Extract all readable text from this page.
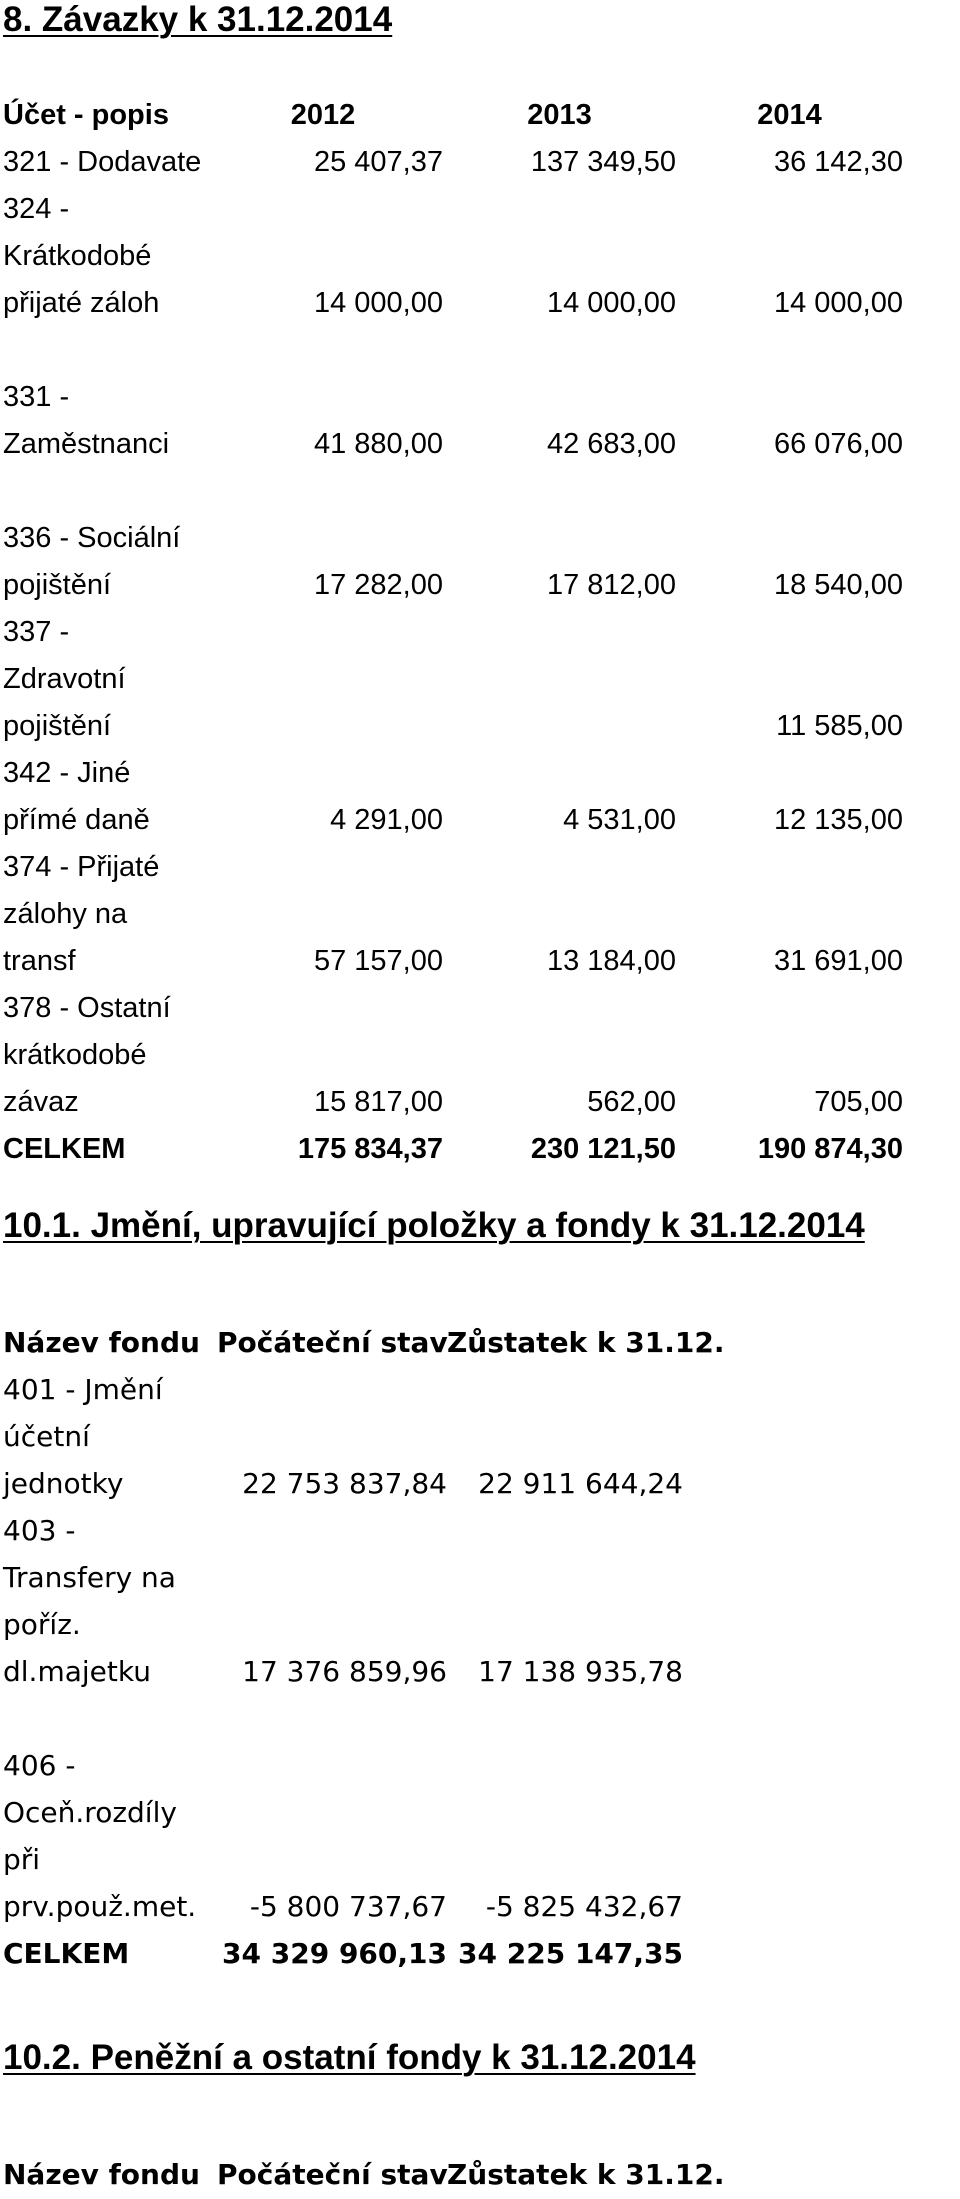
8. Závazky k 31.12.2014
Účet - popis	2012	2013	2014
321 - Dodavate	25 407,37	137 349,50	36 142,30
324 -			
Krátkodobé			
přijaté záloh	14 000,00	14 000,00	14 000,00

331 -			
Zaměstnanci	41 880,00	42 683,00	66 076,00

336 - Sociální			
pojištění	17 282,00	17 812,00	18 540,00
337 -			
Zdravotní			
pojištění			11 585,00
342 - Jiné			
přímé daně	4 291,00	4 531,00	12 135,00
374 - Přijaté			
zálohy na			
transf	57 157,00	13 184,00	31 691,00
378 - Ostatní			
krátkodobé			
závaz	15 817,00	562,00	705,00
CELKEM	175 834,37	230 121,50	190 874,30
10.1. Jmění, upravující položky a fondy k 31.12.2014
Název fondu	Počáteční stav	Zůstatek k 31.12.
401 - Jmění		
účetní		
jednotky	22 753 837,84	22 911 644,24
403 -		
Transfery na		
poříz.		
dl.majetku	17 376 859,96	17 138 935,78

406 -		
Oceň.rozdíly		
při		
prv.použ.met.	-5 800 737,67	-5 825 432,67
CELKEM	34 329 960,13	34 225 147,35
10.2. Peněžní a ostatní fondy k 31.12.2014
Název fondu	Počáteční stav	Zůstatek k 31.12.
